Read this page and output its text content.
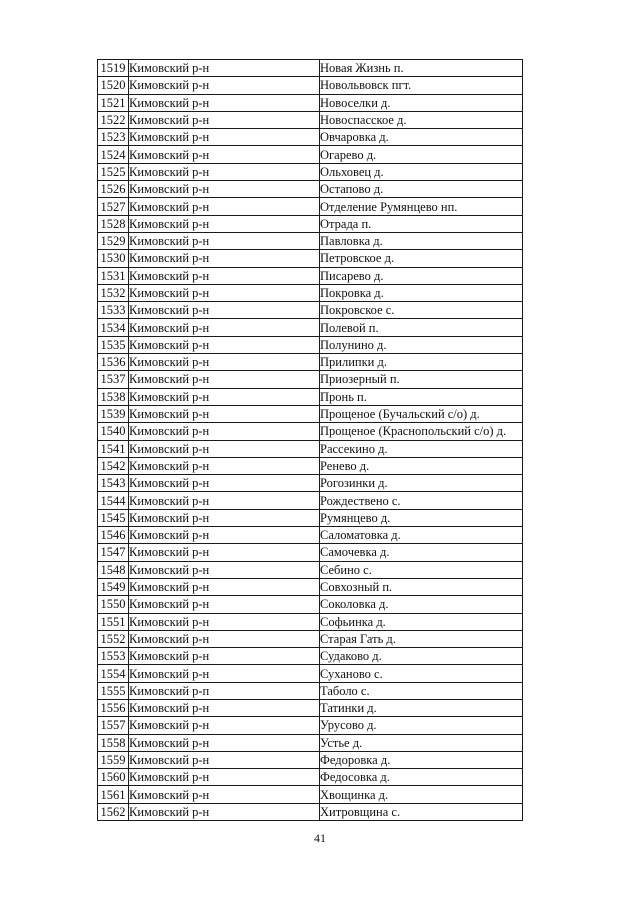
1519	Кимовский р-н	Новая Жизнь п.
1520	Кимовский р-н	Новольвовск пгт.
1521	Кимовский р-н	Новоселки д.
1522	Кимовский р-н	Новоспасское д.
1523	Кимовский р-н	Овчаровка д.
1524	Кимовский р-н	Огарево д.
1525	Кимовский р-н	Ольховец д.
1526	Кимовский р-н	Остапово д.
1527	Кимовский р-н	Отделение Румянцево нп.
1528	Кимовский р-н	Отрада п.
1529	Кимовский р-н	Павловка д.
1530	Кимовский р-н	Петровское д.
1531	Кимовский р-н	Писарево д.
1532	Кимовский р-н	Покровка д.
1533	Кимовский р-н	Покровское с.
1534	Кимовский р-н	Полевой п.
1535	Кимовский р-н	Полунино д.
1536	Кимовский р-н	Прилипки д.
1537	Кимовский р-н	Приозерный п.
1538	Кимовский р-н	Пронь п.
1539	Кимовский р-н	Прощеное (Бучальский с/о) д.
1540	Кимовский р-н	Прощеное (Краснопольский с/о) д.
1541	Кимовский р-н	Рассекино д.
1542	Кимовский р-н	Ренево д.
1543	Кимовский р-н	Рогозинки д.
1544	Кимовский р-н	Рождествено с.
1545	Кимовский р-н	Румянцево д.
1546	Кимовский р-н	Саломатовка д.
1547	Кимовский р-н	Самочевка д.
1548	Кимовский р-н	Себино с.
1549	Кимовский р-н	Совхозный п.
1550	Кимовский р-н	Соколовка д.
1551	Кимовский р-н	Софьинка д.
1552	Кимовский р-н	Старая Гать д.
1553	Кимовский р-н	Судаково д.
1554	Кимовский р-н	Суханово с.
1555	Кимовский р-п	Таболо с.
1556	Кимовский р-н	Татинки д.
1557	Кимовский р-н	Урусово д.
1558	Кимовский р-н	Устье д.
1559	Кимовский р-н	Федоровка д.
1560	Кимовский р-н	Федосовка д.
1561	Кимовский р-н	Хвощинка д.
1562	Кимовский р-н	Хитровщина с.
41
